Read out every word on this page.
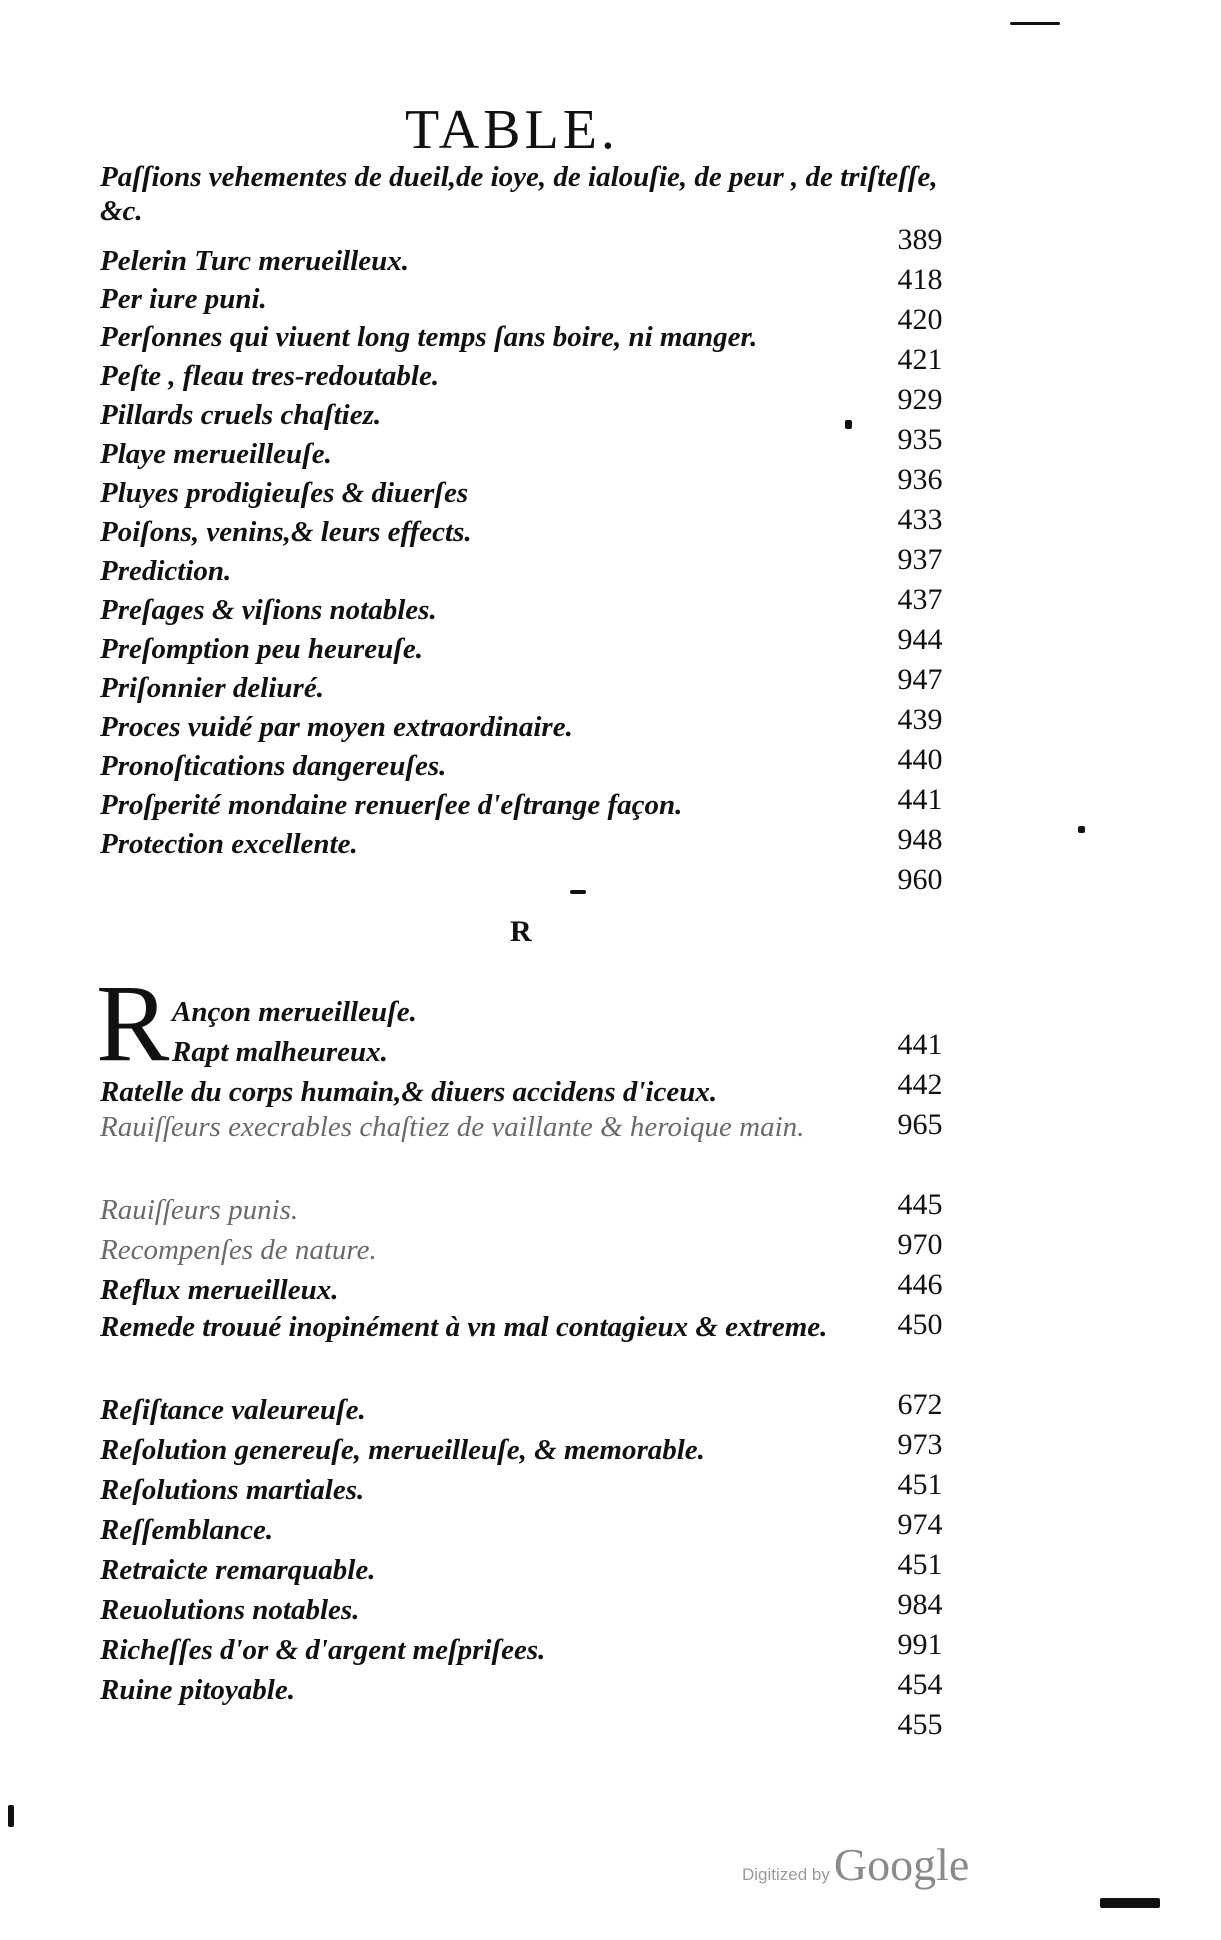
TABLE.
Paſſions vehementes de dueil,de ioye, de ialouſie, de peur , de triſteſſe, &c.
Pelerin Turc merueilleux.
Per iure puni.
Perſonnes qui viuent long temps ſans boire, ni manger.
Peſte , fleau tres-redoutable.
Pillards cruels chaſtiez.
Playe merueilleuſe.
Pluyes prodigieuſes & diuerſes
Poiſons, venins,& leurs effects.
Prediction.
Preſages & viſions notables.
Preſomption peu heureuſe.
Priſonnier deliuré.
Proces vuidé par moyen extraordinaire.
Pronoſtications dangereuſes.
Proſperité mondaine renuerſee d'eſtrange façon.
Protection excellente.
389
418
420
421
929
935
936
433
937
437
944
947
439
440
441
948
960
R
R Ançon merueilleuſe.
Rapt malheureux.
Ratelle du corps humain,& diuers accidens d'iceux.
Rauiſſeurs execrables chaſtiez de vaillante & heroique main.
Rauiſſeurs punis.
Recompenſes de nature.
Reflux merueilleux.
Remede trouué inopinément à vn mal contagieux & extreme.
Reſiſtance valeureuſe.
Reſolution genereuſe, merueilleuſe, & memorable.
Reſolutions martiales.
Reſſemblance.
Retraicte remarquable.
Reuolutions notables.
Richeſſes d'or & d'argent meſpriſees.
Ruine pitoyable.
441
442
965
445
970
446
450
672
973
451
974
451
984
991
454
455
Digitized byGoogle
